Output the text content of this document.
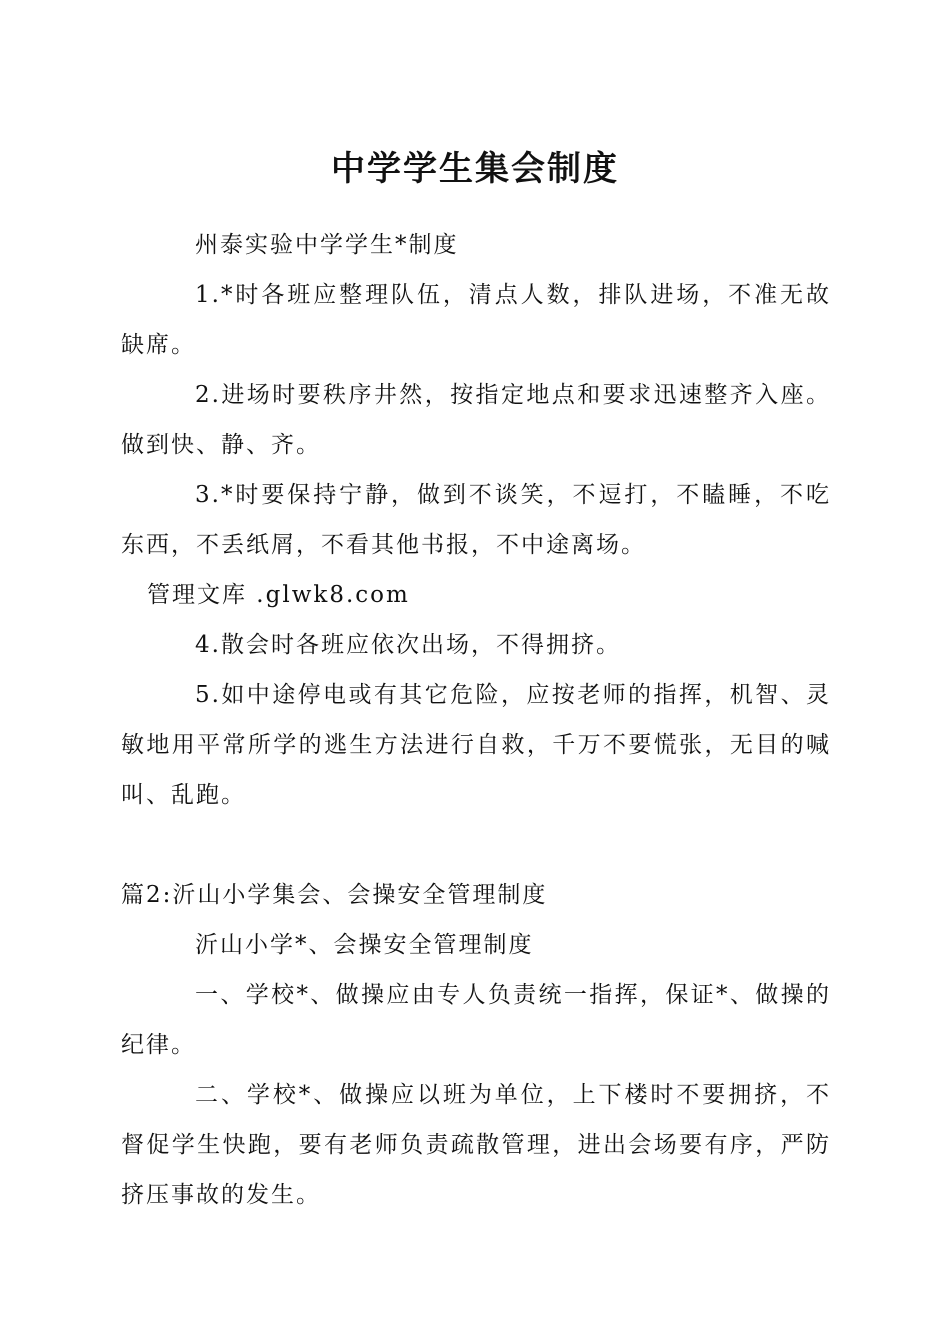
中学学生集会制度

州泰实验中学学生*制度

1.*时各班应整理队伍，清点人数，排队进场，不准无故缺席。

2.进场时要秩序井然，按指定地点和要求迅速整齐入座。做到快、静、齐。

3.*时要保持宁静，做到不谈笑，不逗打，不瞌睡，不吃东西，不丢纸屑，不看其他书报，不中途离场。

管理文库 .glwk8.com

4.散会时各班应依次出场，不得拥挤。

5.如中途停电或有其它危险，应按老师的指挥，机智、灵敏地用平常所学的逃生方法进行自救，千万不要慌张，无目的喊叫、乱跑。

篇2:沂山小学集会、会操安全管理制度

沂山小学*、会操安全管理制度

一、学校*、做操应由专人负责统一指挥，保证*、做操的纪律。

二、学校*、做操应以班为单位，上下楼时不要拥挤，不督促学生快跑，要有老师负责疏散管理，进出会场要有序，严防挤压事故的发生。
